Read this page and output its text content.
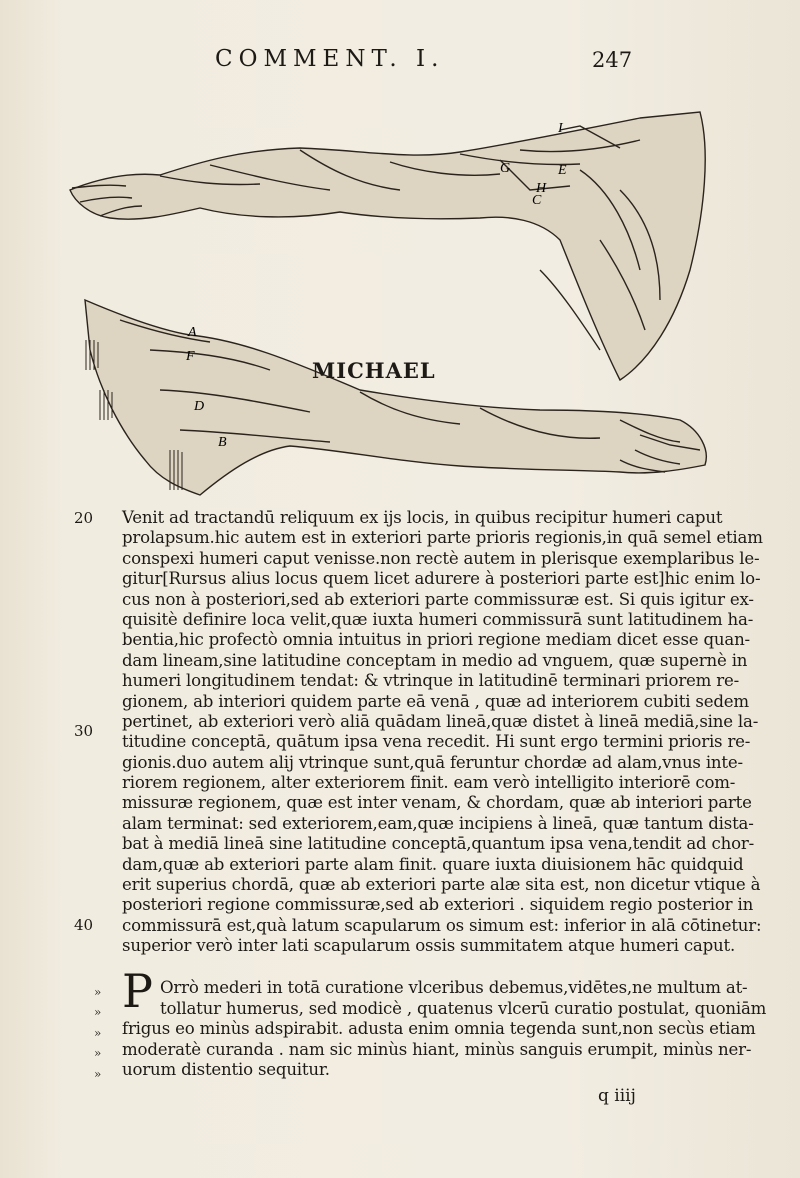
COMMENT. I.	247
E
G
H
I
C
A
F
D
B
MICHAEL
20
30
40
Venit ad tractandū reliquum ex ijs locis, in quibus recipitur humeri caput
prolapsum.hic autem est in exteriori parte prioris regionis,in quā semel etiam
conspexi humeri caput venisse.non rectè autem in plerisque exemplaribus le-
gitur[Rursus alius locus quem licet adurere à posteriori parte est]hic enim lo-
cus non à posteriori,sed ab exteriori parte commissuræ est. Si quis igitur ex-
quisitè definire loca velit,quæ iuxta humeri commissurā sunt latitudinem ha-
bentia,hic profectò omnia intuitus in priori regione mediam dicet esse quan-
dam lineam,sine latitudine conceptam in medio ad vnguem, quæ supernè in
humeri longitudinem tendat: & vtrinque in latitudinē terminari priorem re-
gionem, ab interiori quidem parte eā venā , quæ ad interiorem cubiti sedem
pertinet, ab exteriori verò aliā quādam lineā,quæ distet à lineā mediā,sine la-
titudine conceptā, quātum ipsa vena recedit. Hi sunt ergo termini prioris re-
gionis.duo autem alij vtrinque sunt,quā feruntur chordæ ad alam,vnus inte-
riorem regionem, alter exteriorem finit. eam verò intelligito interiorē com-
missuræ regionem, quæ est inter venam, & chordam, quæ ab interiori parte
alam terminat: sed exteriorem,eam,quæ incipiens à lineā, quæ tantum dista-
bat à mediā lineā sine latitudine conceptā,quantum ipsa vena,tendit ad chor-
dam,quæ ab exteriori parte alam finit. quare iuxta diuisionem hāc quidquid
erit superius chordā, quæ ab exteriori parte alæ sita est, non dicetur vtique à
posteriori regione commissuræ,sed ab exteriori . siquidem regio posterior in
commissurā est,quà latum scapularum os simum est: inferior in alā cōtinetur:
superior verò inter lati scapularum ossis summitatem atque humeri caput.
»
»
»
»
»
P Orrò mederi in totā curatione vlceribus debemus,vidētes,ne multum at-
tollatur humerus, sed modicè , quatenus vlcerū curatio postulat, quoniām
frigus eo minùs adspirabit. adusta enim omnia tegenda sunt,non secùs etiam
moderatè curanda . nam sic minùs hiant, minùs sanguis erumpit, minùs ner-
uorum distentio sequitur.
q iiij
